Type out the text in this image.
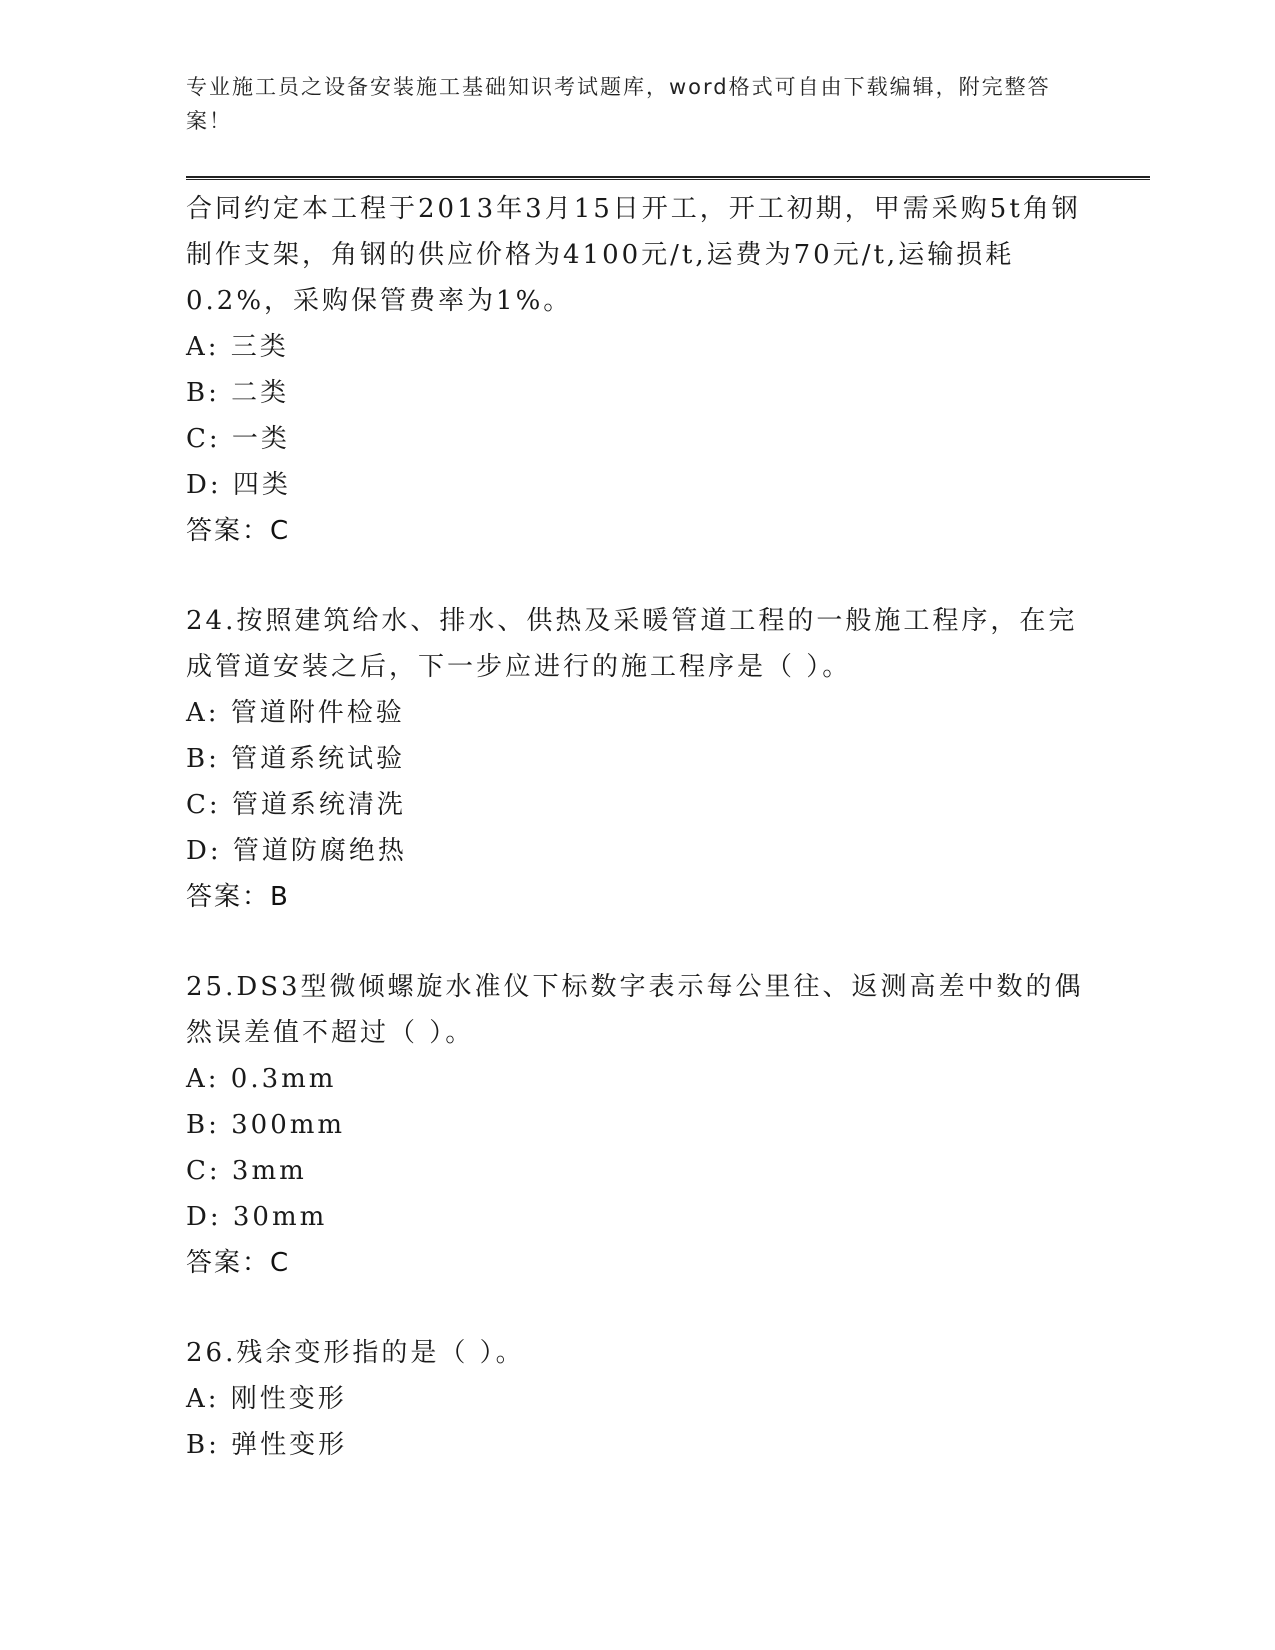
专业施工员之设备安装施工基础知识考试题库，word格式可自由下载编辑，附完整答案！
合同约定本工程于2013年3月15日开工，开工初期，甲需采购5t角钢制作支架，角钢的供应价格为4100元/t,运费为70元/t,运输损耗0.2%，采购保管费率为1%。
A: 三类
B: 二类
C: 一类
D: 四类
答案：C
24.按照建筑给水、排水、供热及采暖管道工程的一般施工程序，在完成管道安装之后，下一步应进行的施工程序是（ ）。
A: 管道附件检验
B: 管道系统试验
C: 管道系统清洗
D: 管道防腐绝热
答案：B
25.DS3型微倾螺旋水准仪下标数字表示每公里往、返测高差中数的偶然误差值不超过（ ）。
A: 0.3mm
B: 300mm
C: 3mm
D: 30mm
答案：C
26.残余变形指的是（ ）。
A: 刚性变形
B: 弹性变形
